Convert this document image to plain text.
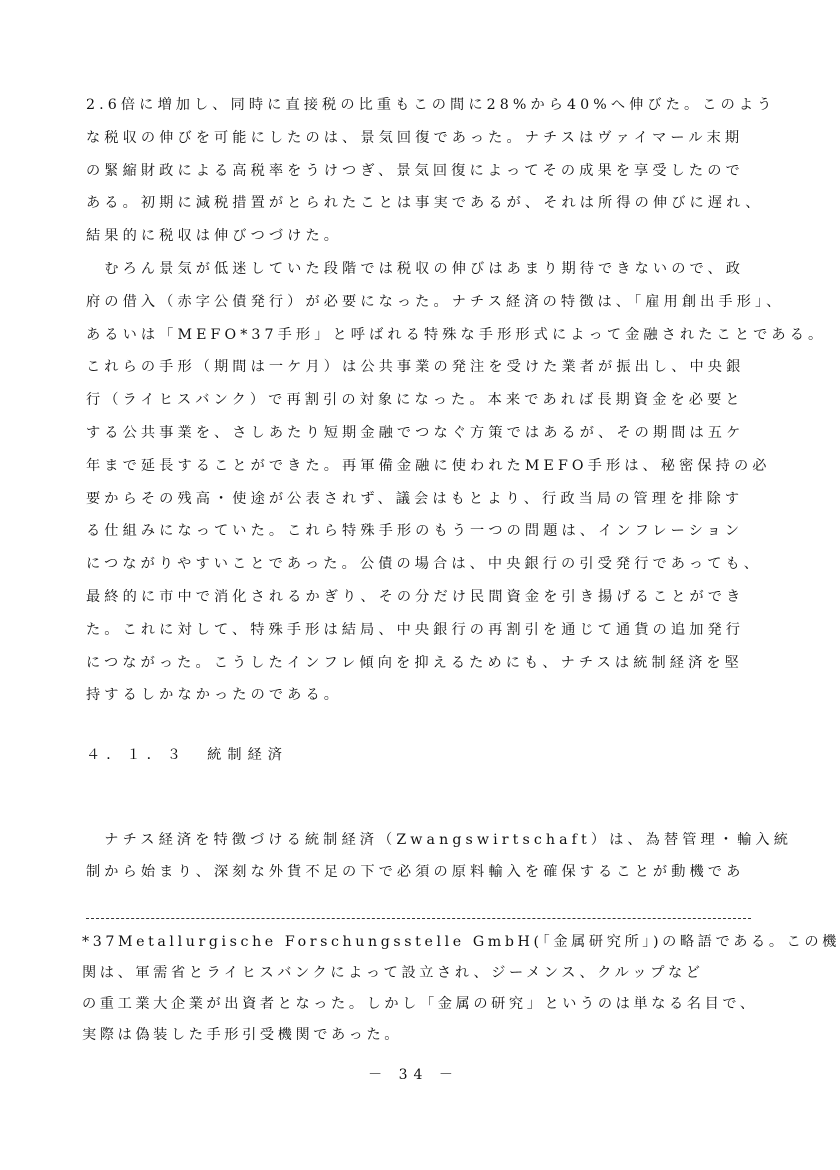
2.6倍に増加し、同時に直接税の比重もこの間に28%から40%へ伸びた。このよう
な税収の伸びを可能にしたのは、景気回復であった。ナチスはヴァイマール末期
の緊縮財政による高税率をうけつぎ、景気回復によってその成果を享受したので
ある。初期に減税措置がとられたことは事実であるが、それは所得の伸びに遅れ、
結果的に税収は伸びつづけた。
　むろん景気が低迷していた段階では税収の伸びはあまり期待できないので、政
府の借入（赤字公債発行）が必要になった。ナチス経済の特徴は、「雇用創出手形」、
あるいは「MEFO*37手形」と呼ばれる特殊な手形形式によって金融されたことである。
これらの手形（期間は一ケ月）は公共事業の発注を受けた業者が振出し、中央銀
行（ライヒスバンク）で再割引の対象になった。本来であれば長期資金を必要と
する公共事業を、さしあたり短期金融でつなぐ方策ではあるが、その期間は五ケ
年まで延長することができた。再軍備金融に使われたMEFO手形は、秘密保持の必
要からその残高・使途が公表されず、議会はもとより、行政当局の管理を排除す
る仕組みになっていた。これら特殊手形のもう一つの問題は、インフレーション
につながりやすいことであった。公債の場合は、中央銀行の引受発行であっても、
最終的に市中で消化されるかぎり、その分だけ民間資金を引き揚げることができ
た。これに対して、特殊手形は結局、中央銀行の再割引を通じて通貨の追加発行
につながった。こうしたインフレ傾向を抑えるためにも、ナチスは統制経済を堅
持するしかなかったのである。
４．１．３　統制経済
　ナチス経済を特徴づける統制経済（Zwangswirtschaft）は、為替管理・輸入統
制から始まり、深刻な外貨不足の下で必須の原料輸入を確保することが動機であ
*37Metallurgische Forschungsstelle GmbH(「金属研究所」)の略語である。この機
関は、軍需省とライヒスバンクによって設立され、ジーメンス、クルップなど
の重工業大企業が出資者となった。しかし「金属の研究」というのは単なる名目で、
実際は偽装した手形引受機関であった。
－ 34 －
